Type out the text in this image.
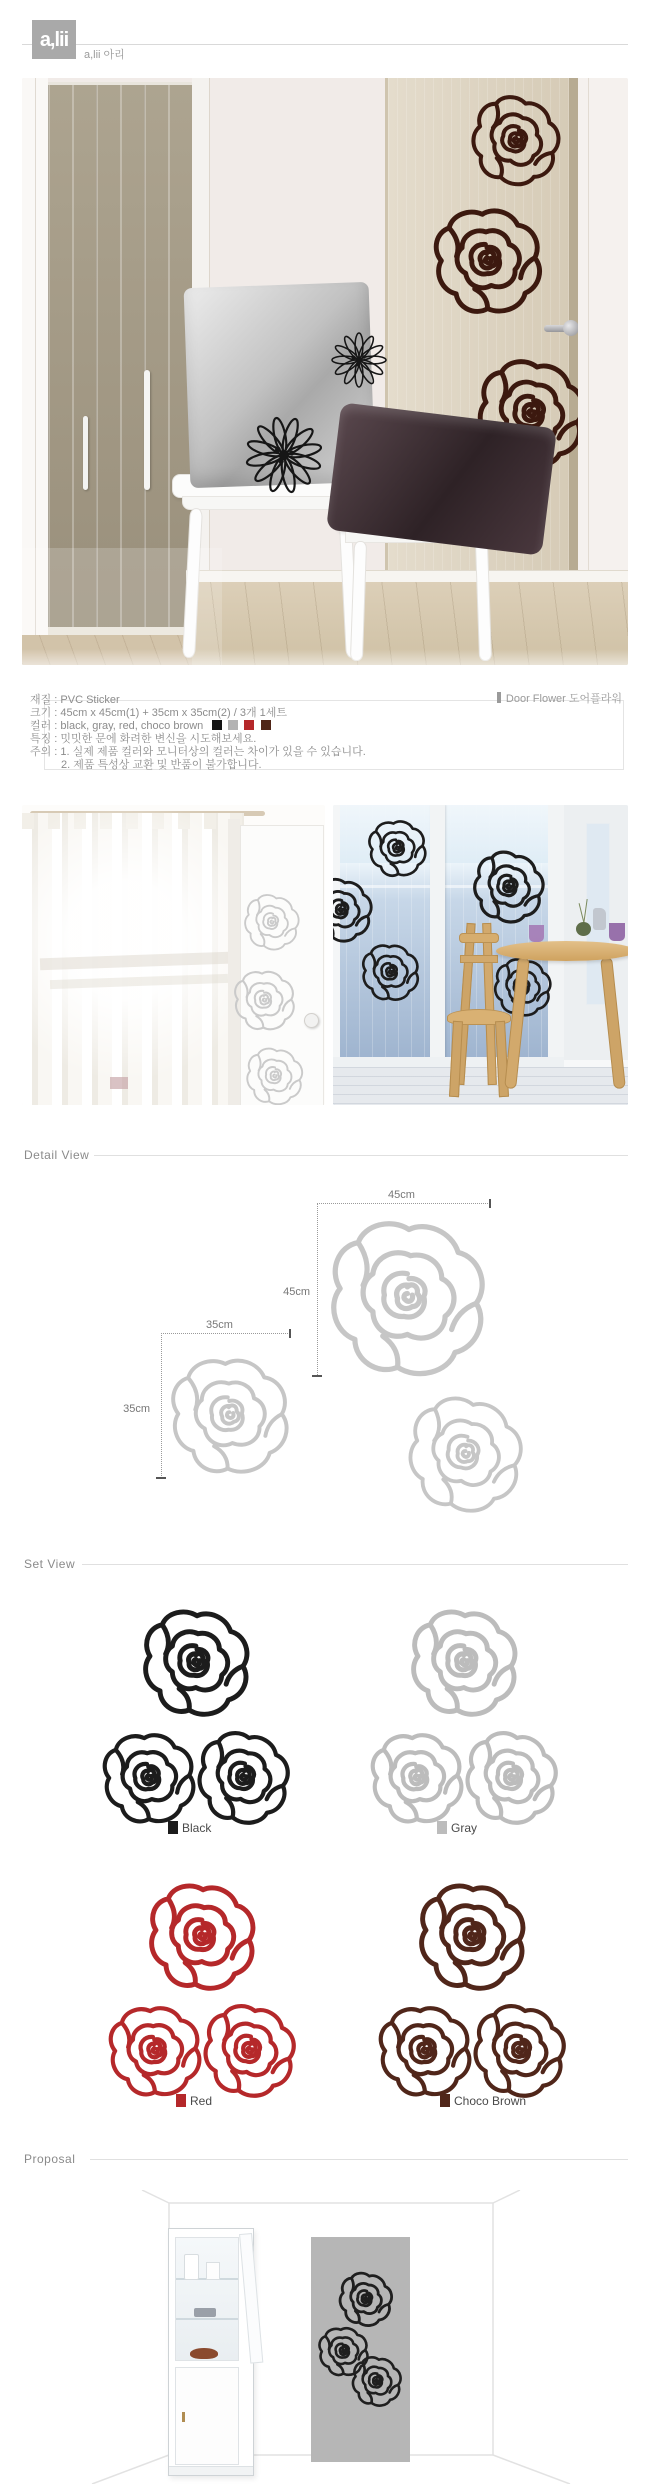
a,lii
a,lii 아리
Door Flower 도어플라워
재질 : PVC Sticker
크기 : 45cm x 45cm(1) + 35cm x 35cm(2) / 3개 1세트
컬러 : black, gray, red, choco brown
특징 : 밋밋한 문에 화려한 변신을 시도해보세요.
주의 : 1. 실제 제품 컬러와 모니터상의 컬러는 차이가 있을 수 있습니다.
2. 제품 특성상 교환 및 반품이 불가합니다.
Detail View
45cm
45cm
35cm
35cm
Set View
Black	Gray
Red	Choco Brown
Proposal
